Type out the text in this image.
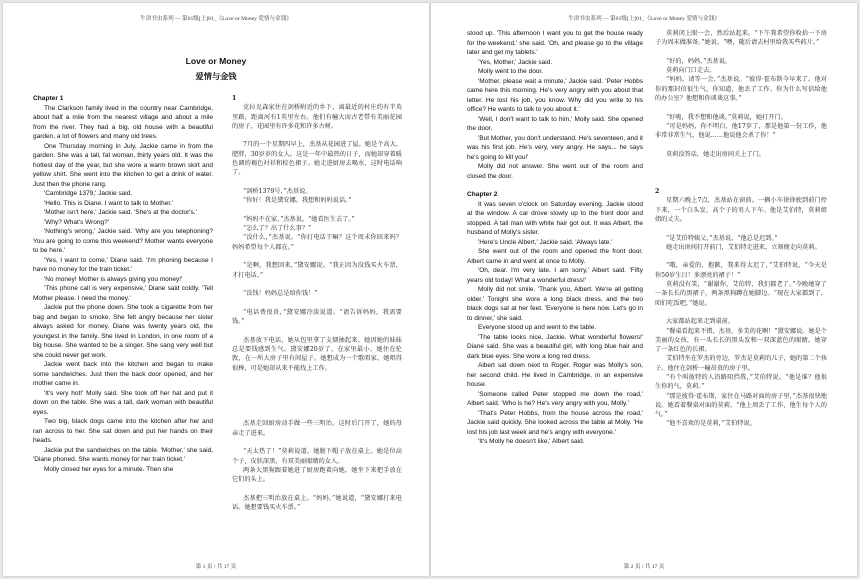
牛津书虫系列 — 第01级[上]01_《Love or Money 爱情与金钱》
Love or Money
爱情与金钱

Chapter 1

The Clarkson family lived in the country near Cambridge, about half a mile from the nearest village and about a mile from the river. They had a big, old house with a beautiful garden, a lot of flowers and many old trees.

One Thursday morning in July, Jackie came in from the garden. She was a tall, fat woman, thirty years old. It was the hottest day of the year, but she wore a warm brown skirt and yellow shirt. She went into the kitchen to get a drink of water. Just then the phone rang.

'Cambridge 1379,' Jackie said.

'Hello. This is Diane. I want to talk to Mother.'

'Mother isn't here,' Jackie said. 'She's at the doctor's.'

'Why? What's Wrong?'

'Nothing's wrong,' Jackie said. 'Why are you telephoning? You are going to come this weekend? Mother wants everyone to be here.'

'Yes, I want to come,' Diane said. 'I'm phoning because I have no money for the train ticket.'

'No money! Mother is always giving you money!'

'This phone call is very expensive,' Diane said coldly. 'Tell Mother please. I need the money.'

Jackie put the phone down. She took a cigarette from her bag and began to smoke. She felt angry because her sister always asked for money. Diane was twenty years old, the youngest in the family. She lived in London, in one room of a big house. She wanted to be a singer. She sang very well but she could never get work.

Jackie went back into the kitchen and began to make some sandwiches. Just then the back door opened, and her mother came in.

'It's very hot!' Molly said. She took off her hat and put it down on the table. She was a tall, dark woman with beautiful eyes.

Two big, black dogs came into the kitchen after her and ran across to her. She sat down and put her hands on their heads.

Jackie put the sandwiches on the table. 'Mother,' she said, 'Diane phoned. She wants money for her train ticket.'

Molly closed her eyes for a minute. Then she

1

克拉克森家住在剑桥附近的乡下，离最近的村庄约有半英里路，距离河有1英里左右。他们有幢大而古老带有美丽花园的房子，花园里有许多花和许多古树。

7月的一个星期四早上，杰基从花园进了屋。她是个高大、肥胖，30岁岁的女人。这是一年中最热的日子，而她却穿着暖色调的褐色衬衫和棕色裙子。她走进厨房去喝水，这时电话响了。

“剑桥1379号，”杰基说。

“你好！我是黛安娜。我想和妈妈说话。”

“妈妈不在家，”杰基说。“她看医生去了。”

“怎么了？出了什么事？”

“没什么，”杰基说。“你打电话干嘛？这个周末你回来吗？妈妈希望每个人都在。”

“是啊，我想回来，”黛安娜说。“我正因为没钱买火车票，才打电话。”

“没钱！妈妈总是给你钱！”

“电话费很贵，”黛安娜冷淡说道。“请告诉妈妈，我需要钱。”

杰基放下电话，她从包里拿了支烟抽起来。她因她的妹妹总是要钱感到生气。黛安娜20岁了，在家里最小。她住在伦敦，在一所大房子里有间屋子。她想成为一个歌唱家。她唱得很棒，可是她却从来不能找上工作。

杰基走回厨房动手做一些三明治。这时后门开了，她的母亲走了进来。

“天太热了！”莫莉说道。她脱下帽子放在桌上。她是位高个子，皮肤深黑，有双美丽眼睛的女人。

两条大黑狗跟着她进了厨房跑着向她。她坐下来把手放在它们的头上。

杰基把三明治放在桌上。“妈妈，”她说道，“黛安娜打来电话。她想要钱买火车票。”

第 1 页 / 共 17 页
牛津书虫系列 — 第01级[上]01_《Love or Money 爱情与金钱》

stood up. 'This afternoon I want you to get the house ready for the weekend,' she said. 'Oh, and please go to the village later and get my tablets.'

'Yes, Mother,' Jackie said.

Molly went to the door.

'Mother, please wait a minute,' Jackie said. 'Peter Hobbs came here this morning. He's very angry with you about that letter. He lost his job, you know. Why did you write to his office? He wants to talk to you about it.'

'Well, I don't want to talk to him,' Molly said. She opened the door.

'But Mother, you don't understand. He's seventeen, and it was his first job. He's very, very angry. He says... he says he's going to kill you!'

Molly did not answer. She went out of the room and closed the door.

Chapter 2

It was seven o'clock on Saturday evening. Jackie stood at the window. A car drove slowly up to the front door and stopped. A tall man with white hair got out. It was Albert, the husband of Molly's sister.

'Here's Uncle Albert,' Jackie said. 'Always late.'

She went out of the room and opened the front door. Albert came in and went at once to Molly.

'Oh, dear. I'm very late. I am sorry,' Albert said. 'Fifty years old today! What a wonderful dress!'

Molly did not smile. 'Thank you, Albert. We're all getting older.' Tonight she wore a long black dress, and the two black dogs sat at her feet. 'Everyone is here now. Let's go in to dinner,' she said.

Everyone stood up and went to the table.

'The table looks nice, Jackie. What wonderful flowers!' Diane said. She was a beautiful girl, with long blue hair and dark blue eyes. She wore a long red dress.

Albert sat down next to Roger. Roger was Molly's son, her second child. He lived in Cambridge, in an expensive house.

'Someone called Peter stopped me down the road,' Albert said. 'Who is he? He's very angry with you, Molly.'

'That's Peter Hobbs, from the house across the road,' Jackie said quickly. She looked across the table at Molly. 'He lost his job last week and he's angry with everyone.'

'It's Molly he doesn't like,' Albert said.

莫莉闭上眼一会，然后站起来。“下午我希望你收拾一下房子为周末做准备。”她说。“噢，随后请去村里给我买些药片。”

“好的，妈妈，”杰基说。

莫莉向门口走去。

“妈妈，请等一会，”杰基说。“彼得·霍布斯今早来了。他对你的那封信很生气，你知道，他丢了工作。你为什么写信给他的办公室？他想和你谈谈这事。”

“好啦，我不想和他谈，”莫莉说，她打开门。

“可是妈妈，你不明白，他17岁了，那是他第一份工作，他非常非常生气，他说……他说他会杀了你！”

莫莉没答话，她走出房间关上了门。

2

星期六晚上7点，杰基站在窗前。一辆小车徐徐驶到前门停下来，一个白头发，高个子的男人下车。他是艾伯特，莫莉姐姐的丈夫。

“是艾伯特姨父，”杰基说，“他总是迟到。”

她走出房间打开前门，艾伯特走进来，立刻便走向莫莉。

“哦，亲爱的，抱歉，我来得太迟了，”艾伯特说，“今天是你50岁生日！多漂亮的裙子！”

莫莉没有笑，“谢谢你，艾伯特，我们都老了。”今晚她穿了一条长长的黑裙子，两条黑狗蹲在她脚边。“现在大家都到了，咱们吃饭吧，”她说。

大家都站起来走到桌前。

“餐桌看起来不错，杰基，多美的花啊！”黛安娜说。她是个美丽的女孩，有一头长长的黑头发和一双深蓝色的眼睛。她穿了一条红色的长裙。

艾伯特坐在罗杰的旁边，罗杰是莫莉的儿子，她的第二个孩子。他住在剑桥一幢昂贵的房子里。

“有个叫彼特的人沿路阻挡我，”艾伯特说。“他是谁？他很生你的气，莫莉。”

“那是彼得·霍布斯，家住在马路对面的房子里，”杰基很快地说。她看着餐桌对面的莫莉。“他上周丢了工作，他生每个人的气。”

“他不喜欢的是莫莉，”艾伯特说。

第 2 页 / 共 17 页
